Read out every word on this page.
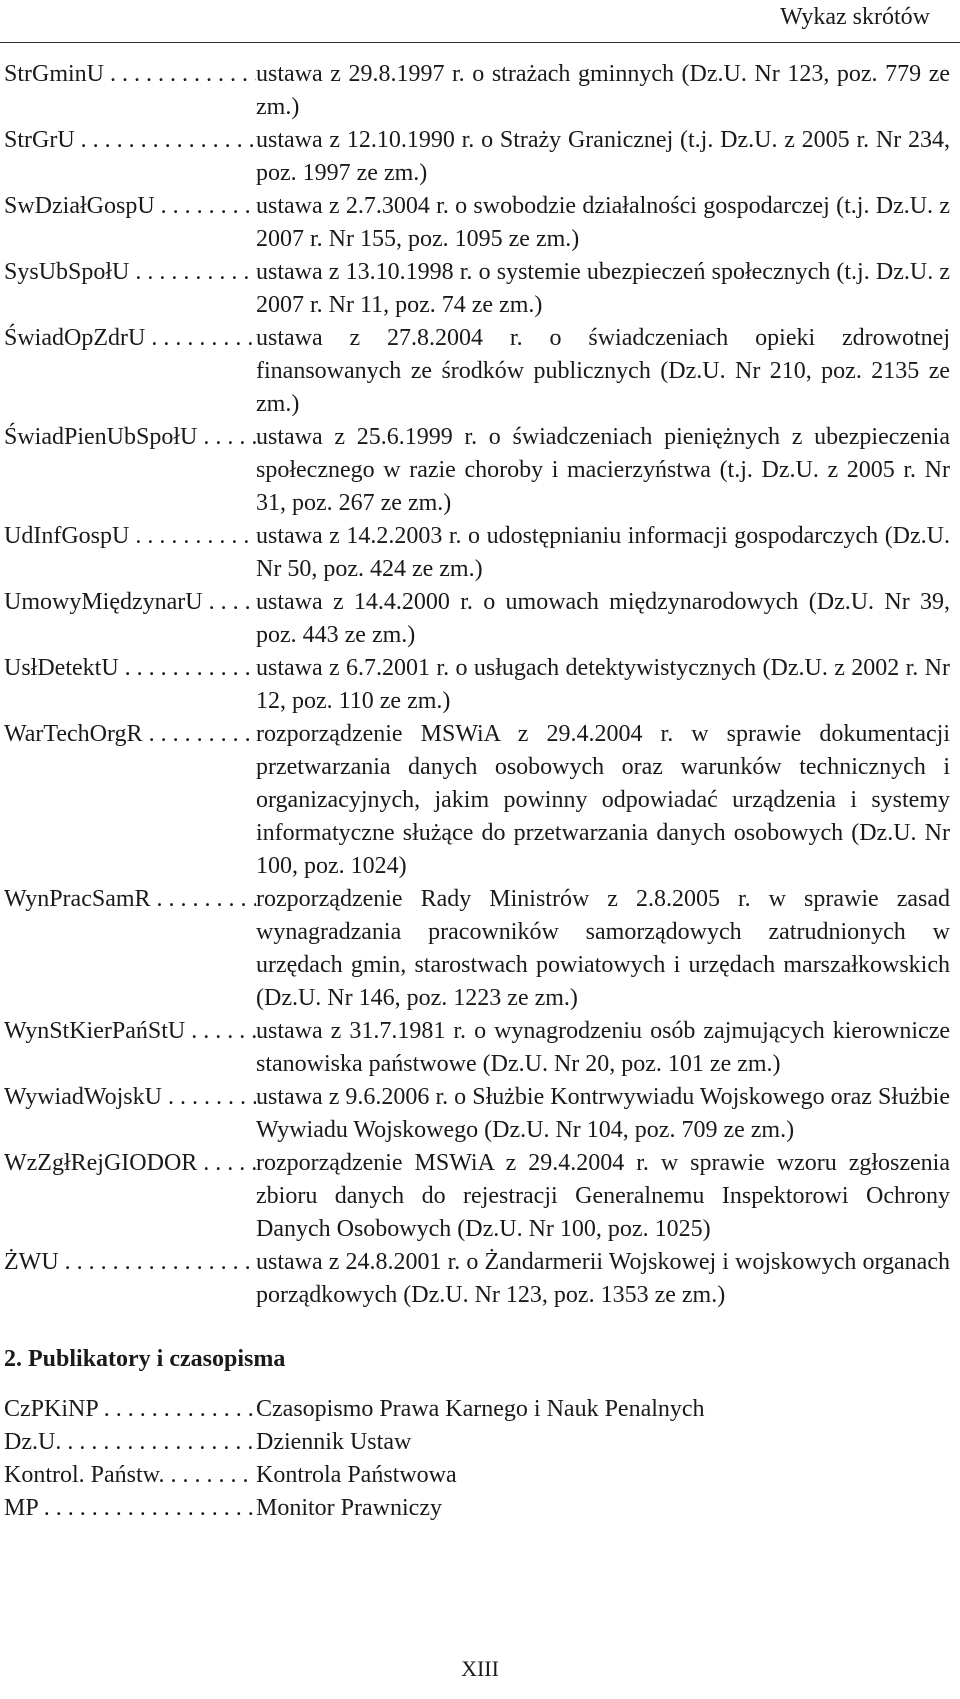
Wykaz skrótów
StrGminU . . .	ustawa z 29.8.1997 r. o strażach gminnych (Dz.U. Nr 123, poz. 779 ze zm.)
StrGrU . . .	ustawa z 12.10.1990 r. o Straży Granicznej (t.j. Dz.U. z 2005 r. Nr 234, poz. 1997 ze zm.)
SwDziałGospU . . .	ustawa z 2.7.3004 r. o swobodzie działalności gospodarczej (t.j. Dz.U. z 2007 r. Nr 155, poz. 1095 ze zm.)
SysUbSpołU . . .	ustawa z 13.10.1998 r. o systemie ubezpieczeń społecznych (t.j. Dz.U. z 2007 r. Nr 11, poz. 74 ze zm.)
ŚwiadOpZdrU . . .	ustawa z 27.8.2004 r. o świadczeniach opieki zdrowotnej finansowanych ze środków publicznych (Dz.U. Nr 210, poz. 2135 ze zm.)
ŚwiadPienUbSpołU . . .	ustawa z 25.6.1999 r. o świadczeniach pieniężnych z ubezpieczenia społecznego w razie choroby i macierzyństwa (t.j. Dz.U. z 2005 r. Nr 31, poz. 267 ze zm.)
UdInfGospU . . .	ustawa z 14.2.2003 r. o udostępnianiu informacji gospodarczych (Dz.U. Nr 50, poz. 424 ze zm.)
UmowyMiędzynarU . . .	ustawa z 14.4.2000 r. o umowach międzynarodowych (Dz.U. Nr 39, poz. 443 ze zm.)
UsłDetektU . . .	ustawa z 6.7.2001 r. o usługach detektywistycznych (Dz.U. z 2002 r. Nr 12, poz. 110 ze zm.)
WarTechOrgR . . .	rozporządzenie MSWiA z 29.4.2004 r. w sprawie dokumentacji przetwarzania danych osobowych oraz warunków technicznych i organizacyjnych, jakim powinny odpowiadać urządzenia i systemy informatyczne służące do przetwarzania danych osobowych (Dz.U. Nr 100, poz. 1024)
WynPracSamR . . .	rozporządzenie Rady Ministrów z 2.8.2005 r. w sprawie zasad wynagradzania pracowników samorządowych zatrudnionych w urzędach gmin, starostwach powiatowych i urzędach marszałkowskich (Dz.U. Nr 146, poz. 1223 ze zm.)
WynStKierPańStU . . .	ustawa z 31.7.1981 r. o wynagrodzeniu osób zajmujących kierownicze stanowiska państwowe (Dz.U. Nr 20, poz. 101 ze zm.)
WywiadWojskU . . .	ustawa z 9.6.2006 r. o Służbie Kontrwywiadu Wojskowego oraz Służbie Wywiadu Wojskowego (Dz.U. Nr 104, poz. 709 ze zm.)
WzZgłRejGIODOR . . .	rozporządzenie MSWiA z 29.4.2004 r. w sprawie wzoru zgłoszenia zbioru danych do rejestracji Generalnemu Inspektorowi Ochrony Danych Osobowych (Dz.U. Nr 100, poz. 1025)
ŻWU . . .	ustawa z 24.8.2001 r. o Żandarmerii Wojskowej i wojskowych organach porządkowych (Dz.U. Nr 123, poz. 1353 ze zm.)
2. Publikatory i czasopisma
CzPKiNP . . .	Czasopismo Prawa Karnego i Nauk Penalnych
Dz.U. . . .	Dziennik Ustaw
Kontrol. Państw. . . .	Kontrola Państwowa
MP . . .	Monitor Prawniczy
XIII
